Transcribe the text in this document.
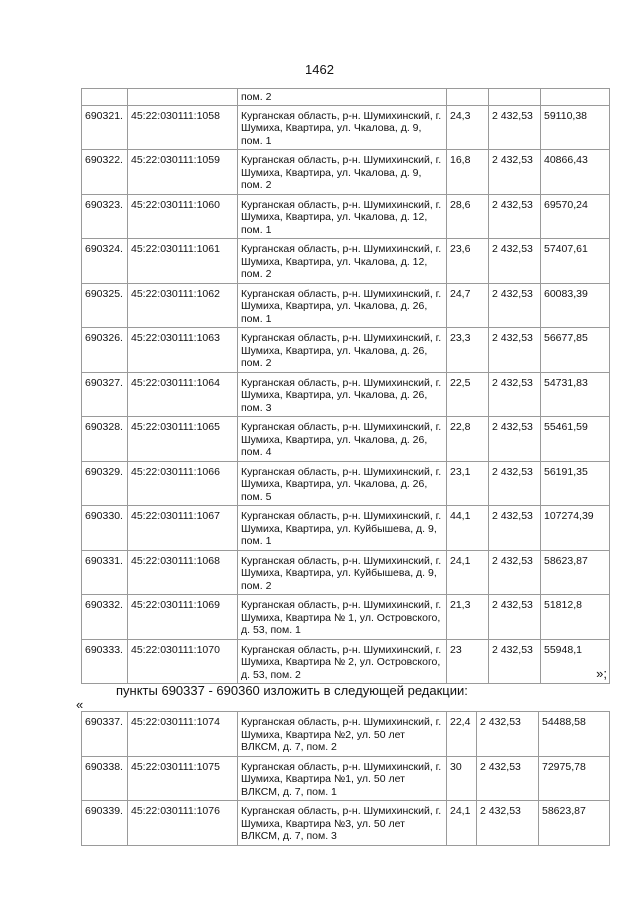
1462
		пом. 2			
690321.	45:22:030111:1058	Курганская область, р-н. Шумихинский, г. Шумиха, Квартира, ул. Чкалова, д. 9, пом. 1	24,3	2 432,53	59110,38
690322.	45:22:030111:1059	Курганская область, р-н. Шумихинский, г. Шумиха, Квартира, ул. Чкалова, д. 9, пом. 2	16,8	2 432,53	40866,43
690323.	45:22:030111:1060	Курганская область, р-н. Шумихинский, г. Шумиха, Квартира, ул. Чкалова, д. 12, пом. 1	28,6	2 432,53	69570,24
690324.	45:22:030111:1061	Курганская область, р-н. Шумихинский, г. Шумиха, Квартира, ул. Чкалова, д. 12, пом. 2	23,6	2 432,53	57407,61
690325.	45:22:030111:1062	Курганская область, р-н. Шумихинский, г. Шумиха, Квартира, ул. Чкалова, д. 26, пом. 1	24,7	2 432,53	60083,39
690326.	45:22:030111:1063	Курганская область, р-н. Шумихинский, г. Шумиха, Квартира, ул. Чкалова, д. 26, пом. 2	23,3	2 432,53	56677,85
690327.	45:22:030111:1064	Курганская область, р-н. Шумихинский, г. Шумиха, Квартира, ул. Чкалова, д. 26, пом. 3	22,5	2 432,53	54731,83
690328.	45:22:030111:1065	Курганская область, р-н. Шумихинский, г. Шумиха, Квартира, ул. Чкалова, д. 26, пом. 4	22,8	2 432,53	55461,59
690329.	45:22:030111:1066	Курганская область, р-н. Шумихинский, г. Шумиха, Квартира, ул. Чкалова, д. 26, пом. 5	23,1	2 432,53	56191,35
690330.	45:22:030111:1067	Курганская область, р-н. Шумихинский, г. Шумиха, Квартира, ул. Куйбышева, д. 9, пом. 1	44,1	2 432,53	107274,39
690331.	45:22:030111:1068	Курганская область, р-н. Шумихинский, г. Шумиха, Квартира, ул. Куйбышева, д. 9, пом. 2	24,1	2 432,53	58623,87
690332.	45:22:030111:1069	Курганская область, р-н. Шумихинский, г. Шумиха, Квартира № 1, ул. Островского, д. 53, пом. 1	21,3	2 432,53	51812,8
690333.	45:22:030111:1070	Курганская область, р-н. Шумихинский, г. Шумиха, Квартира № 2, ул. Островского, д. 53, пом. 2	23	2 432,53	55948,1
»;
пункты 690337 - 690360 изложить в следующей редакции:
«
690337.	45:22:030111:1074	Курганская область, р-н. Шумихинский, г. Шумиха, Квартира №2, ул. 50 лет ВЛКСМ, д. 7, пом. 2	22,4	2 432,53	54488,58
690338.	45:22:030111:1075	Курганская область, р-н. Шумихинский, г. Шумиха, Квартира №1, ул. 50 лет ВЛКСМ, д. 7, пом. 1	30	2 432,53	72975,78
690339.	45:22:030111:1076	Курганская область, р-н. Шумихинский, г. Шумиха, Квартира №3, ул. 50 лет ВЛКСМ, д. 7, пом. 3	24,1	2 432,53	58623,87
